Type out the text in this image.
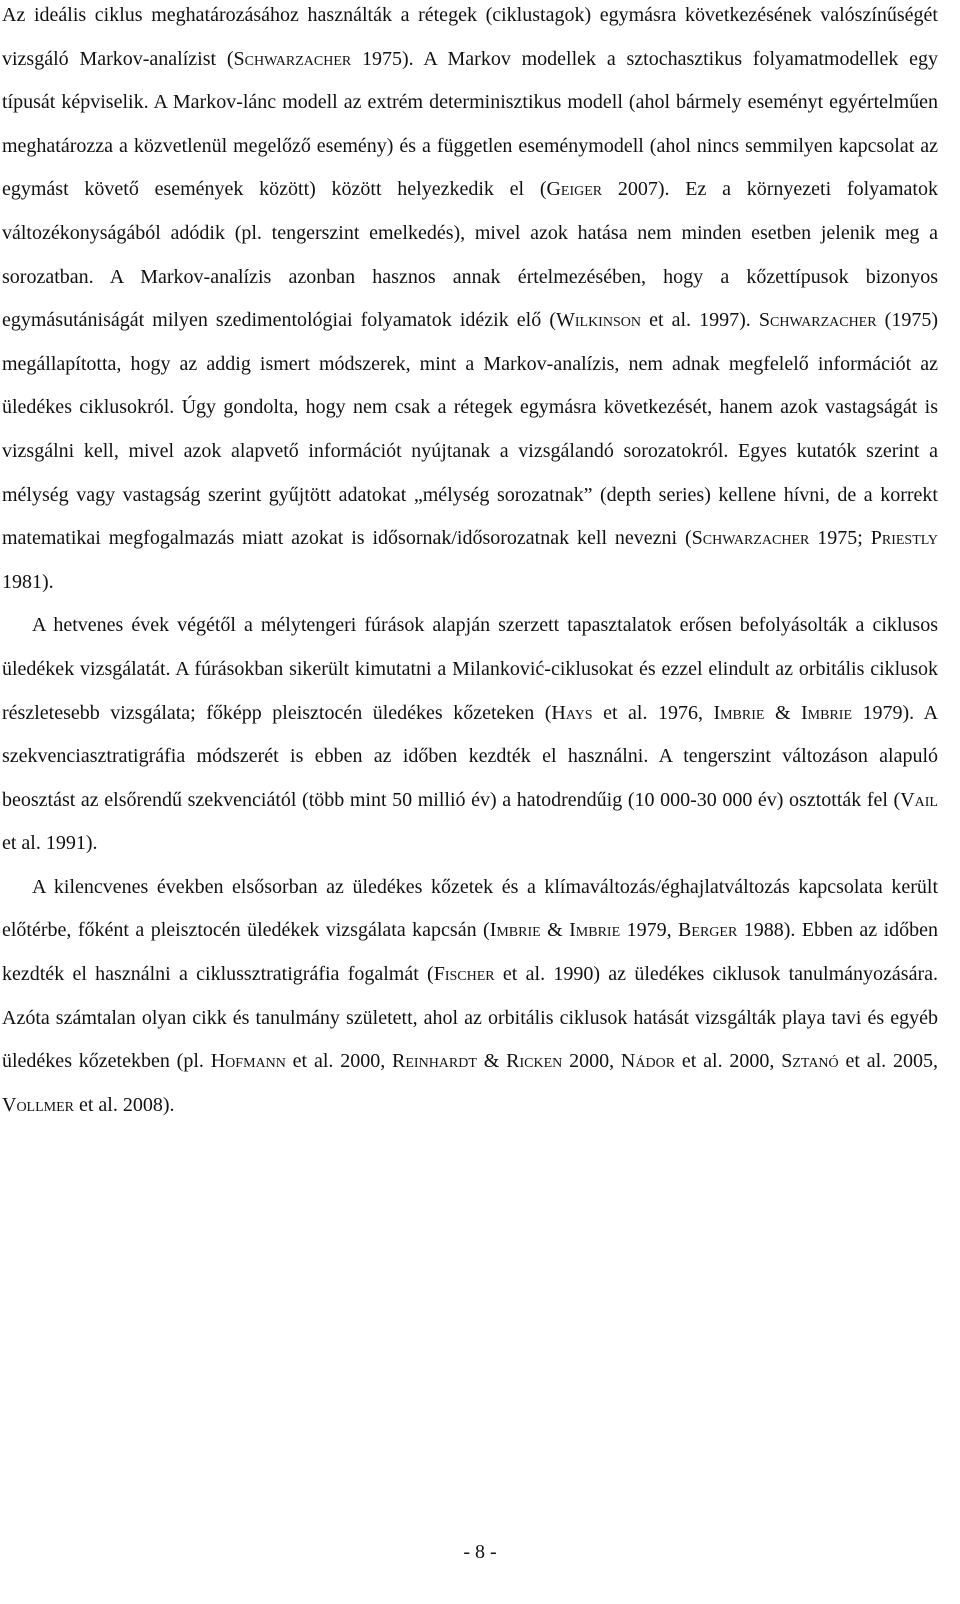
Az ideális ciklus meghatározásához használták a rétegek (ciklustagok) egymásra következésének valószínűségét vizsgáló Markov-analízist (Schwarzacher 1975). A Markov modellek a sztochasztikus folyamatmodellek egy típusát képviselik. A Markov-lánc modell az extrém determinisztikus modell (ahol bármely eseményt egyértelműen meghatározza a közvetlenül megelőző esemény) és a független eseménymodell (ahol nincs semmilyen kapcsolat az egymást követő események között) között helyezkedik el (Geiger 2007). Ez a környezeti folyamatok változékonyságából adódik (pl. tengerszint emelkedés), mivel azok hatása nem minden esetben jelenik meg a sorozatban. A Markov-analízis azonban hasznos annak értelmezésében, hogy a kőzettípusok bizonyos egymásutániságát milyen szedimentológiai folyamatok idézik elő (Wilkinson et al. 1997). Schwarzacher (1975) megállapította, hogy az addig ismert módszerek, mint a Markov-analízis, nem adnak megfelelő információt az üledékes ciklusokról. Úgy gondolta, hogy nem csak a rétegek egymásra következését, hanem azok vastagságát is vizsgálni kell, mivel azok alapvető információt nyújtanak a vizsgálandó sorozatokról. Egyes kutatók szerint a mélység vagy vastagság szerint gyűjtött adatokat „mélység sorozatnak” (depth series) kellene hívni, de a korrekt matematikai megfogalmazás miatt azokat is idősornak/idősorozatnak kell nevezni (Schwarzacher 1975; Priestly 1981).

A hetvenes évek végétől a mélytengeri fúrások alapján szerzett tapasztalatok erősen befolyásolták a ciklusos üledékek vizsgálatát. A fúrásokban sikerült kimutatni a Milanković-ciklusokat és ezzel elindult az orbitális ciklusok részletesebb vizsgálata; főképp pleisztocén üledékes kőzeteken (Hays et al. 1976, Imbrie & Imbrie 1979). A szekvenciasztratigráfia módszerét is ebben az időben kezdték el használni. A tengerszint változáson alapuló beosztást az elsőrendű szekvenciától (több mint 50 millió év) a hatodrendűig (10 000-30 000 év) osztották fel (Vail et al. 1991).

A kilencvenes években elsősorban az üledékes kőzetek és a klímaváltozás/éghajlatváltozás kapcsolata került előtérbe, főként a pleisztocén üledékek vizsgálata kapcsán (Imbrie & Imbrie 1979, Berger 1988). Ebben az időben kezdték el használni a ciklussztratigráfia fogalmát (Fischer et al. 1990) az üledékes ciklusok tanulmányozására. Azóta számtalan olyan cikk és tanulmány született, ahol az orbitális ciklusok hatását vizsgálták playa tavi és egyéb üledékes kőzetekben (pl. Hofmann et al. 2000, Reinhardt & Ricken 2000, Nádor et al. 2000, Sztanó et al. 2005, Vollmer et al. 2008).

- 8 -
